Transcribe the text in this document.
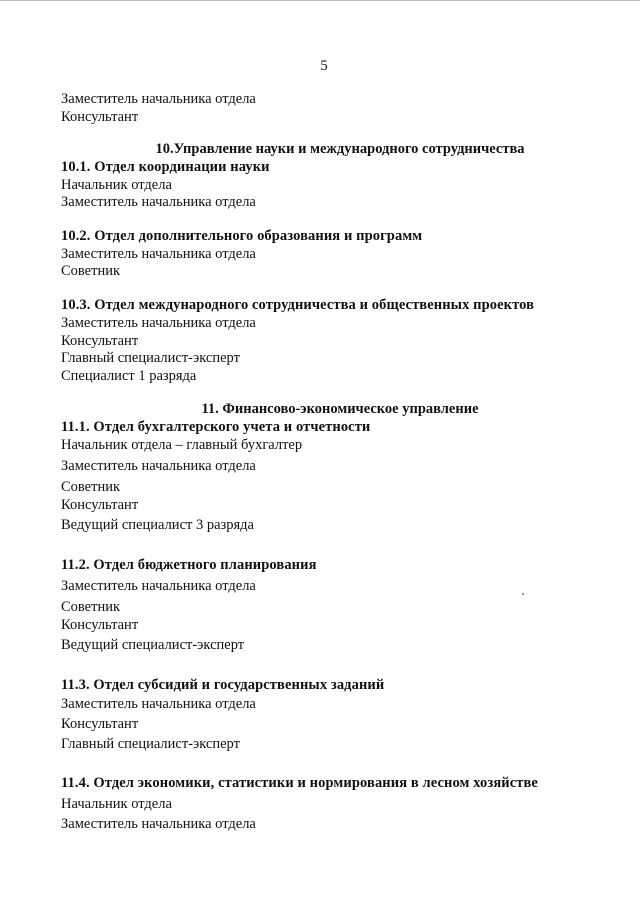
5
Заместитель начальника отдела
Консультант
10.Управление науки и международного сотрудничества
10.1. Отдел координации науки
Начальник отдела
Заместитель начальника отдела
10.2. Отдел дополнительного образования и программ
Заместитель начальника отдела
Советник
10.3. Отдел международного сотрудничества и общественных проектов
Заместитель начальника отдела
Консультант
Главный специалист-эксперт
Специалист 1 разряда
11. Финансово-экономическое управление
11.1. Отдел бухгалтерского учета и отчетности
Начальник отдела – главный бухгалтер
Заместитель начальника отдела
Советник
Консультант
Ведущий специалист 3 разряда
11.2. Отдел бюджетного планирования
Заместитель начальника отдела
Советник
Консультант
Ведущий специалист-эксперт
11.3. Отдел субсидий и государственных заданий
Заместитель начальника отдела
Консультант
Главный специалист-эксперт
11.4. Отдел экономики, статистики и нормирования в лесном хозяйстве
Начальник отдела
Заместитель начальника отдела
